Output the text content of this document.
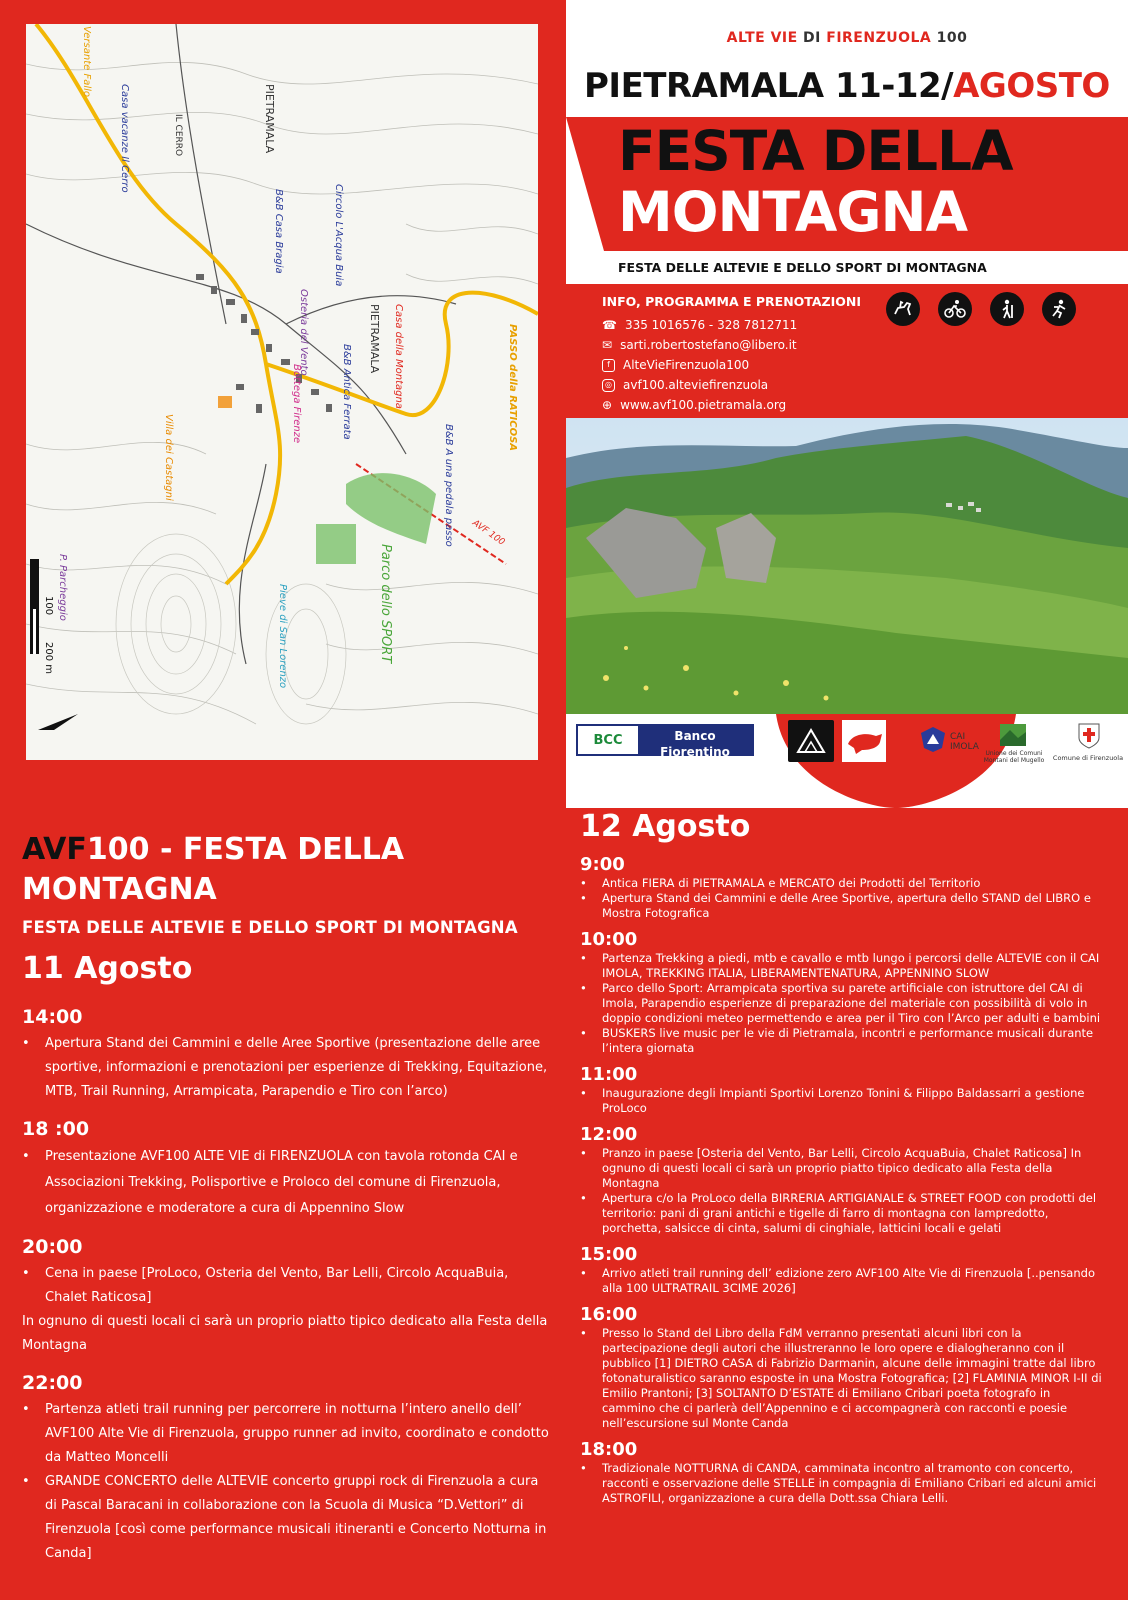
PIETRAMALA
PIETRAMALA
IL CERRO
Casa vacanze Il Cerro
B&B Casa Bragia	Circolo L'Acqua Buia
Osteria del Vento
B&B Antica Ferrata	Casa della Montagna
Bottega Firenze
B&B A una pedala passo
Villa dei Castagni
Parco dello SPORT
Pieve di San Lorenzo
P. Parcheggio
PASSO della RATICOSA
Versante Fallo
AVF 100
100
200 m
ALTE VIE DI FIRENZUOLA 100
PIETRAMALA 11-12/AGOSTO
FESTA DELLA
MONTAGNA
FESTA DELLE ALTEVIE E DELLO SPORT DI MONTAGNA
INFO, PROGRAMMA E PRENOTAZIONI
☎ 335 1016576 - 328 7812711
✉ sarti.robertostefano@libero.it
f	AlteVieFirenzuola100
◎ avf100.alteviefirenzuola
⊕ www.avf100.pietramala.org
BCC	Banco Fiorentino
Mugello · Impruneta · Signa
CAI IMOLA
Unione dei Comuni Montani del Mugello	Comune di Firenzuola
AVF100 - FESTA DELLA
MONTAGNA
FESTA DELLE ALTEVIE E DELLO SPORT DI MONTAGNA
11 Agosto
14:00
• Apertura Stand dei Cammini e delle Aree Sportive (presentazione delle aree sportive, informazioni e prenotazioni per esperienze di Trekking, Equitazione, MTB, Trail Running, Arrampicata, Parapendio e Tiro con l’arco)
18 :00
• Presentazione AVF100 ALTE VIE di FIRENZUOLA con tavola rotonda CAI e Associazioni Trekking, Polisportive e Proloco del comune di Firenzuola, organizzazione e moderatore a cura di Appennino Slow
20:00
• Cena in paese [ProLoco, Osteria del Vento, Bar Lelli, Circolo AcquaBuia, Chalet Raticosa]
In ognuno di questi locali ci sarà un proprio piatto tipico dedicato alla Festa della Montagna
22:00
• Partenza atleti trail running per percorrere in notturna l’intero anello dell’ AVF100 Alte Vie di Firenzuola, gruppo runner ad invito, coordinato e condotto da Matteo Moncelli
• GRANDE CONCERTO delle ALTEVIE concerto gruppi rock di Firenzuola a cura di Pascal Baracani in collaborazione con la Scuola di Musica “D.Vettori” di Firenzuola [così come performance musicali itineranti e Concerto Notturna in Canda]
12 Agosto
9:00
• Antica FIERA di PIETRAMALA e MERCATO dei Prodotti del Territorio
• Apertura Stand dei Cammini e delle Aree Sportive, apertura dello STAND del LIBRO e Mostra Fotografica
10:00
• Partenza Trekking a piedi, mtb e cavallo e mtb lungo i percorsi delle ALTEVIE con il CAI IMOLA, TREKKING ITALIA, LIBERAMENTENATURA, APPENNINO SLOW
• Parco dello Sport: Arrampicata sportiva su parete artificiale con istruttore del CAI di Imola, Parapendio esperienze di preparazione del materiale con possibilità di volo in doppio condizioni meteo permettendo e area per il Tiro con l’Arco per adulti e bambini
• BUSKERS live music per le vie di Pietramala, incontri e performance musicali durante l’intera giornata
11:00
• Inaugurazione degli Impianti Sportivi Lorenzo Tonini & Filippo Baldassarri a gestione ProLoco
12:00
• Pranzo in paese [Osteria del Vento, Bar Lelli, Circolo AcquaBuia, Chalet Raticosa] In ognuno di questi locali ci sarà un proprio piatto tipico dedicato alla Festa della Montagna
• Apertura c/o la ProLoco della BIRRERIA ARTIGIANALE & STREET FOOD con prodotti del territorio: pani di grani antichi e tigelle di farro di montagna con lampredotto, porchetta, salsicce di cinta, salumi di cinghiale, latticini locali e gelati
15:00
• Arrivo atleti trail running dell’ edizione zero AVF100 Alte Vie di Firenzuola [..pensando alla 100 ULTRATRAIL 3CIME 2026]
16:00
• Presso lo Stand del Libro della FdM verranno presentati alcuni libri con la partecipazione degli autori che illustreranno le loro opere e dialogheranno con il pubblico [1] DIETRO CASA di Fabrizio Darmanin, alcune delle immagini tratte dal libro fotonaturalistico saranno esposte in una Mostra Fotografica; [2] FLAMINIA MINOR I-II di Emilio Prantoni; [3] SOLTANTO D’ESTATE di Emiliano Cribari poeta fotografo in cammino che ci parlerà dell’Appennino e ci accompagnerà con racconti e poesie nell’escursione sul Monte Canda
18:00
• Tradizionale NOTTURNA di CANDA, camminata incontro al tramonto con concerto, racconti e osservazione delle STELLE in compagnia di Emiliano Cribari ed alcuni amici ASTROFILI, organizzazione a cura della Dott.ssa Chiara Lelli.
